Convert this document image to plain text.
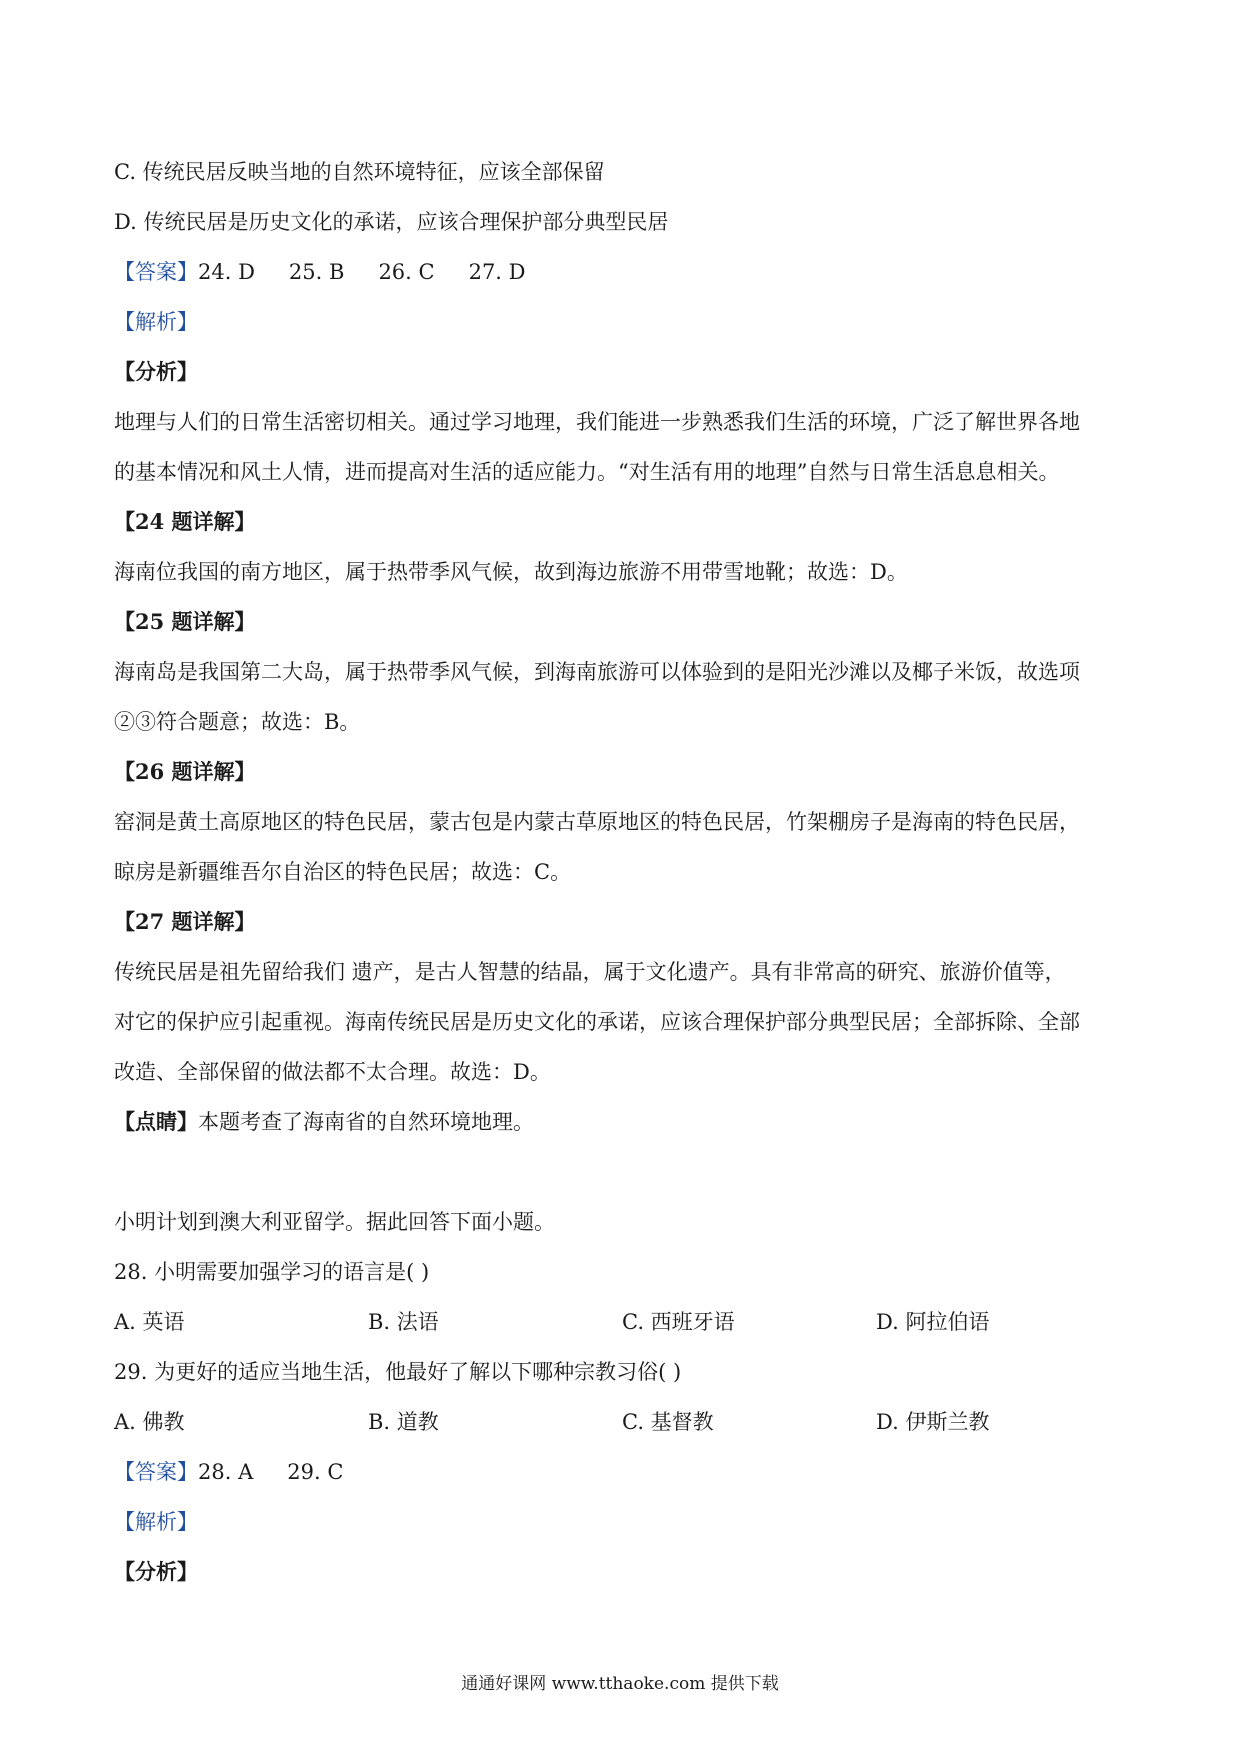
C. 传统民居反映当地的自然环境特征，应该全部保留
D. 传统民居是历史文化的承诺，应该合理保护部分典型民居
【答案】24. D 25. B 26. C 27. D
【解析】
【分析】
地理与人们的日常生活密切相关。通过学习地理，我们能进一步熟悉我们生活的环境，广泛了解世界各地
的基本情况和风土人情，进而提高对生活的适应能力。“对生活有用的地理”自然与日常生活息息相关。
【24 题详解】
海南位我国的南方地区，属于热带季风气候，故到海边旅游不用带雪地靴；故选：D。
【25 题详解】
海南岛是我国第二大岛，属于热带季风气候，到海南旅游可以体验到的是阳光沙滩以及椰子米饭，故选项
②③符合题意；故选：B。
【26 题详解】
窑洞是黄土高原地区的特色民居，蒙古包是内蒙古草原地区的特色民居，竹架棚房子是海南的特色民居，
晾房是新疆维吾尔自治区的特色民居；故选：C。
【27 题详解】
传统民居是祖先留给我们 遗产，是古人智慧的结晶，属于文化遗产。具有非常高的研究、旅游价值等，
对它的保护应引起重视。海南传统民居是历史文化的承诺，应该合理保护部分典型民居；全部拆除、全部
改造、全部保留的做法都不太合理。故选：D。
【点睛】本题考查了海南省的自然环境地理。
小明计划到澳大利亚留学。据此回答下面小题。
28. 小明需要加强学习的语言是( )
A. 英语	B. 法语	C. 西班牙语	D. 阿拉伯语
29. 为更好的适应当地生活，他最好了解以下哪种宗教习俗( )
A. 佛教	B. 道教	C. 基督教	D. 伊斯兰教
【答案】28. A 29. C
【解析】
【分析】
通通好课网 www.tthaoke.com 提供下载
